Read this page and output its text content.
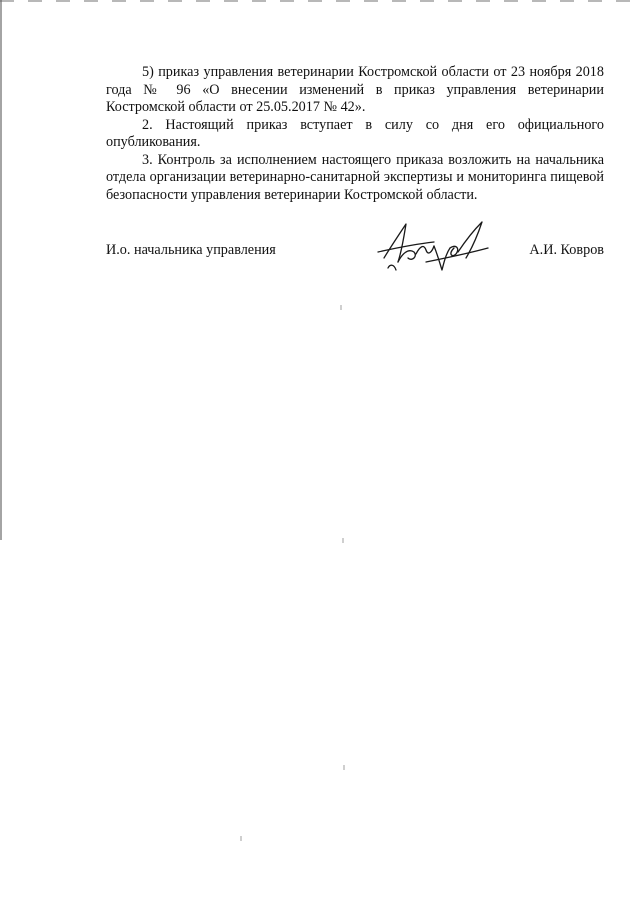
5) приказ управления ветеринарии Костромской области от 23 ноября 2018 года № 96 «О внесении изменений в приказ управления ветеринарии Костромской области от 25.05.2017 № 42».

2. Настоящий приказ вступает в силу со дня его официального опубликования.

3. Контроль за исполнением настоящего приказа возложить на начальника отдела организации ветеринарно-санитарной экспертизы и мониторинга пищевой безопасности управления ветеринарии Костромской области.

И.о. начальника управления	А.И. Ковров
